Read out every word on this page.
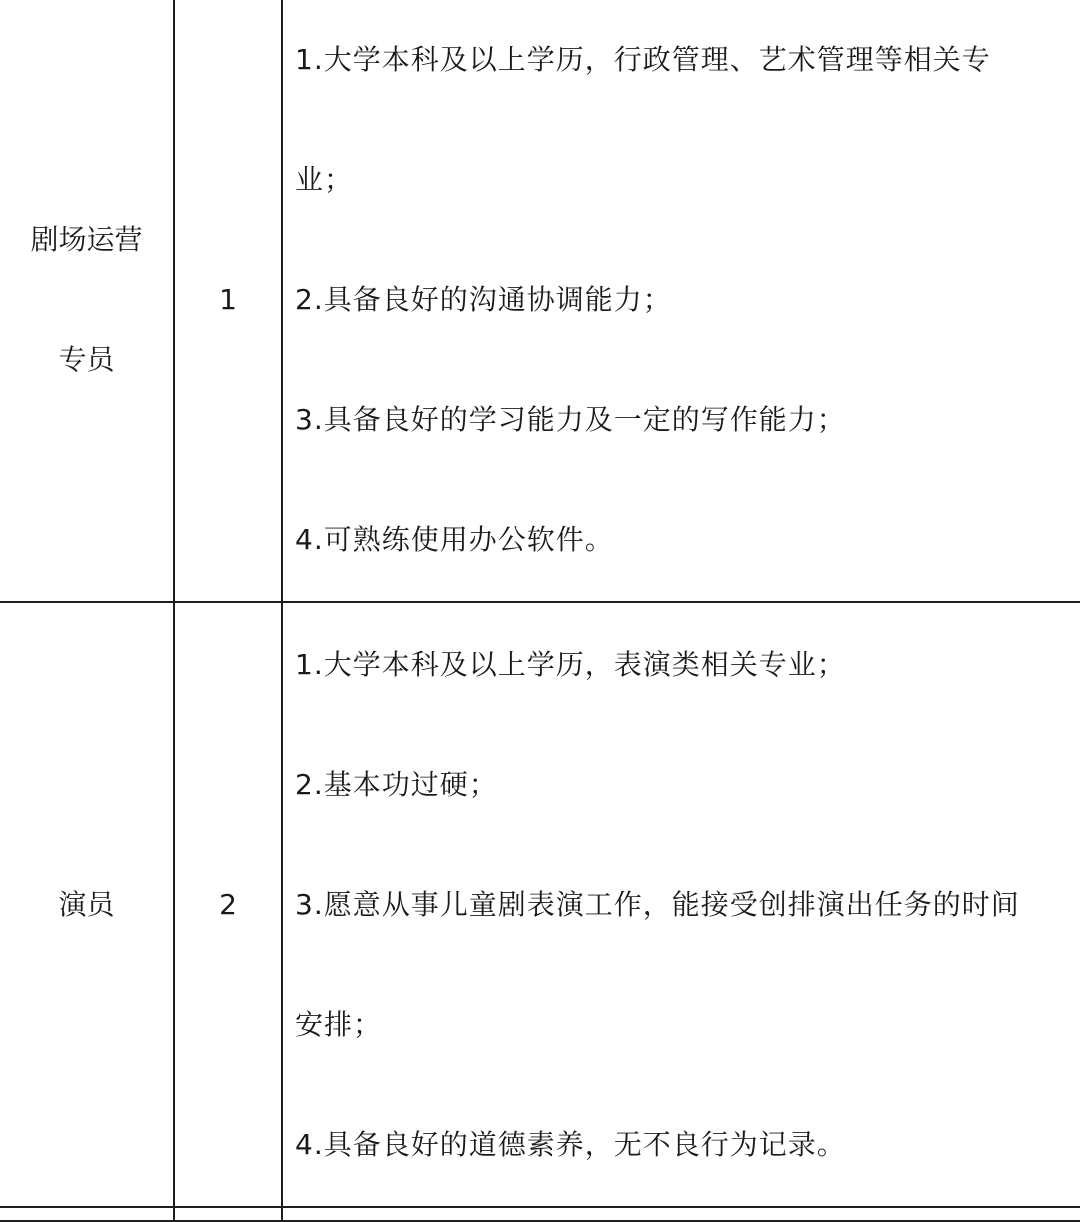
剧场运营
专员	1	1.大学本科及以上学历，行政管理、艺术管理等相关专
业；
2.具备良好的沟通协调能力；
3.具备良好的学习能力及一定的写作能力；
4.可熟练使用办公软件。

演员	2	1.大学本科及以上学历，表演类相关专业；
2.基本功过硬；
3.愿意从事儿童剧表演工作，能接受创排演出任务的时间
安排；
4.具备良好的道德素养，无不良行为记录。
